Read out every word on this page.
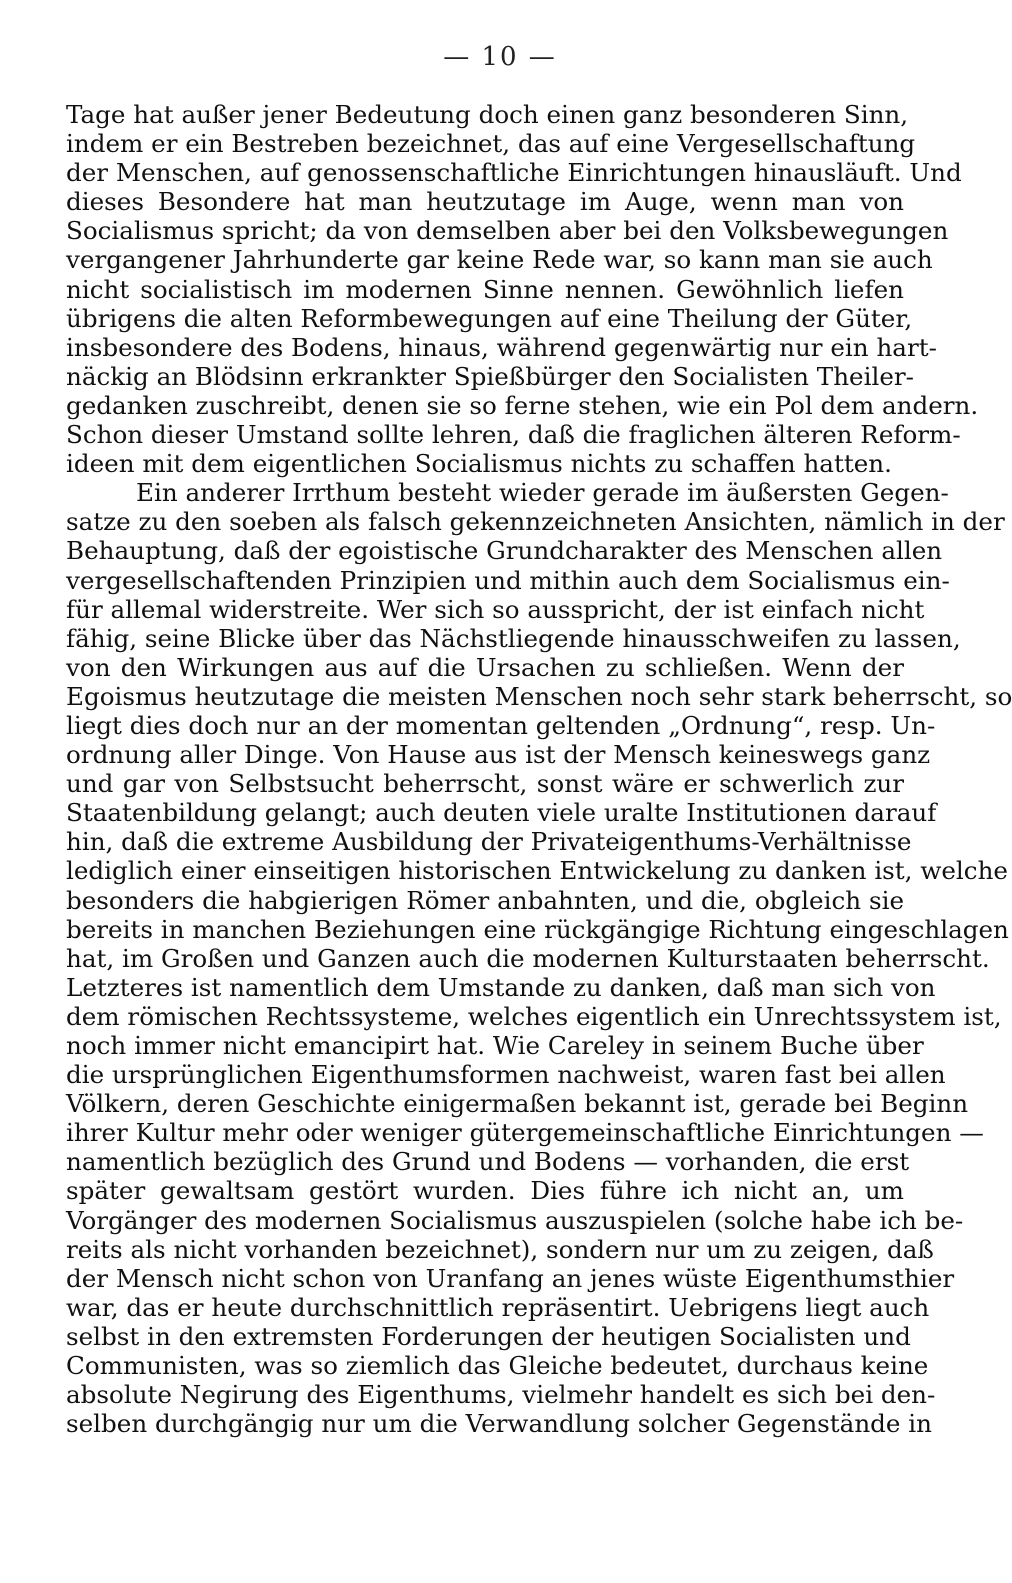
— 10 —
Tage hat außer jener Bedeutung doch einen ganz besonderen Sinn,
indem er ein Bestreben bezeichnet, das auf eine Vergesellschaftung
der Menschen, auf genossenschaftliche Einrichtungen hinausläuft. Und
dieses Besondere hat man heutzutage im Auge, wenn man von
Socialismus spricht; da von demselben aber bei den Volksbewegungen
vergangener Jahrhunderte gar keine Rede war, so kann man sie auch
nicht socialistisch im modernen Sinne nennen. Gewöhnlich liefen
übrigens die alten Reformbewegungen auf eine Theilung der Güter,
insbesondere des Bodens, hinaus, während gegenwärtig nur ein hart-
näckig an Blödsinn erkrankter Spießbürger den Socialisten Theiler-
gedanken zuschreibt, denen sie so ferne stehen, wie ein Pol dem andern.
Schon dieser Umstand sollte lehren, daß die fraglichen älteren Reform-
ideen mit dem eigentlichen Socialismus nichts zu schaffen hatten.
Ein anderer Irrthum besteht wieder gerade im äußersten Gegen-
satze zu den soeben als falsch gekennzeichneten Ansichten, nämlich in der
Behauptung, daß der egoistische Grundcharakter des Menschen allen
vergesellschaftenden Prinzipien und mithin auch dem Socialismus ein-
für allemal widerstreite. Wer sich so ausspricht, der ist einfach nicht
fähig, seine Blicke über das Nächstliegende hinausschweifen zu lassen,
von den Wirkungen aus auf die Ursachen zu schließen. Wenn der
Egoismus heutzutage die meisten Menschen noch sehr stark beherrscht, so
liegt dies doch nur an der momentan geltenden „Ordnung“, resp. Un-
ordnung aller Dinge. Von Hause aus ist der Mensch keineswegs ganz
und gar von Selbstsucht beherrscht, sonst wäre er schwerlich zur
Staatenbildung gelangt; auch deuten viele uralte Institutionen darauf
hin, daß die extreme Ausbildung der Privateigenthums-Verhältnisse
lediglich einer einseitigen historischen Entwickelung zu danken ist, welche
besonders die habgierigen Römer anbahnten, und die, obgleich sie
bereits in manchen Beziehungen eine rückgängige Richtung eingeschlagen
hat, im Großen und Ganzen auch die modernen Kulturstaaten beherrscht.
Letzteres ist namentlich dem Umstande zu danken, daß man sich von
dem römischen Rechtssysteme, welches eigentlich ein Unrechtssystem ist,
noch immer nicht emancipirt hat. Wie Careley in seinem Buche über
die ursprünglichen Eigenthumsformen nachweist, waren fast bei allen
Völkern, deren Geschichte einigermaßen bekannt ist, gerade bei Beginn
ihrer Kultur mehr oder weniger gütergemeinschaftliche Einrichtungen —
namentlich bezüglich des Grund und Bodens — vorhanden, die erst
später gewaltsam gestört wurden. Dies führe ich nicht an, um
Vorgänger des modernen Socialismus auszuspielen (solche habe ich be-
reits als nicht vorhanden bezeichnet), sondern nur um zu zeigen, daß
der Mensch nicht schon von Uranfang an jenes wüste Eigenthumsthier
war, das er heute durchschnittlich repräsentirt. Uebrigens liegt auch
selbst in den extremsten Forderungen der heutigen Socialisten und
Communisten, was so ziemlich das Gleiche bedeutet, durchaus keine
absolute Negirung des Eigenthums, vielmehr handelt es sich bei den-
selben durchgängig nur um die Verwandlung solcher Gegenstände in
